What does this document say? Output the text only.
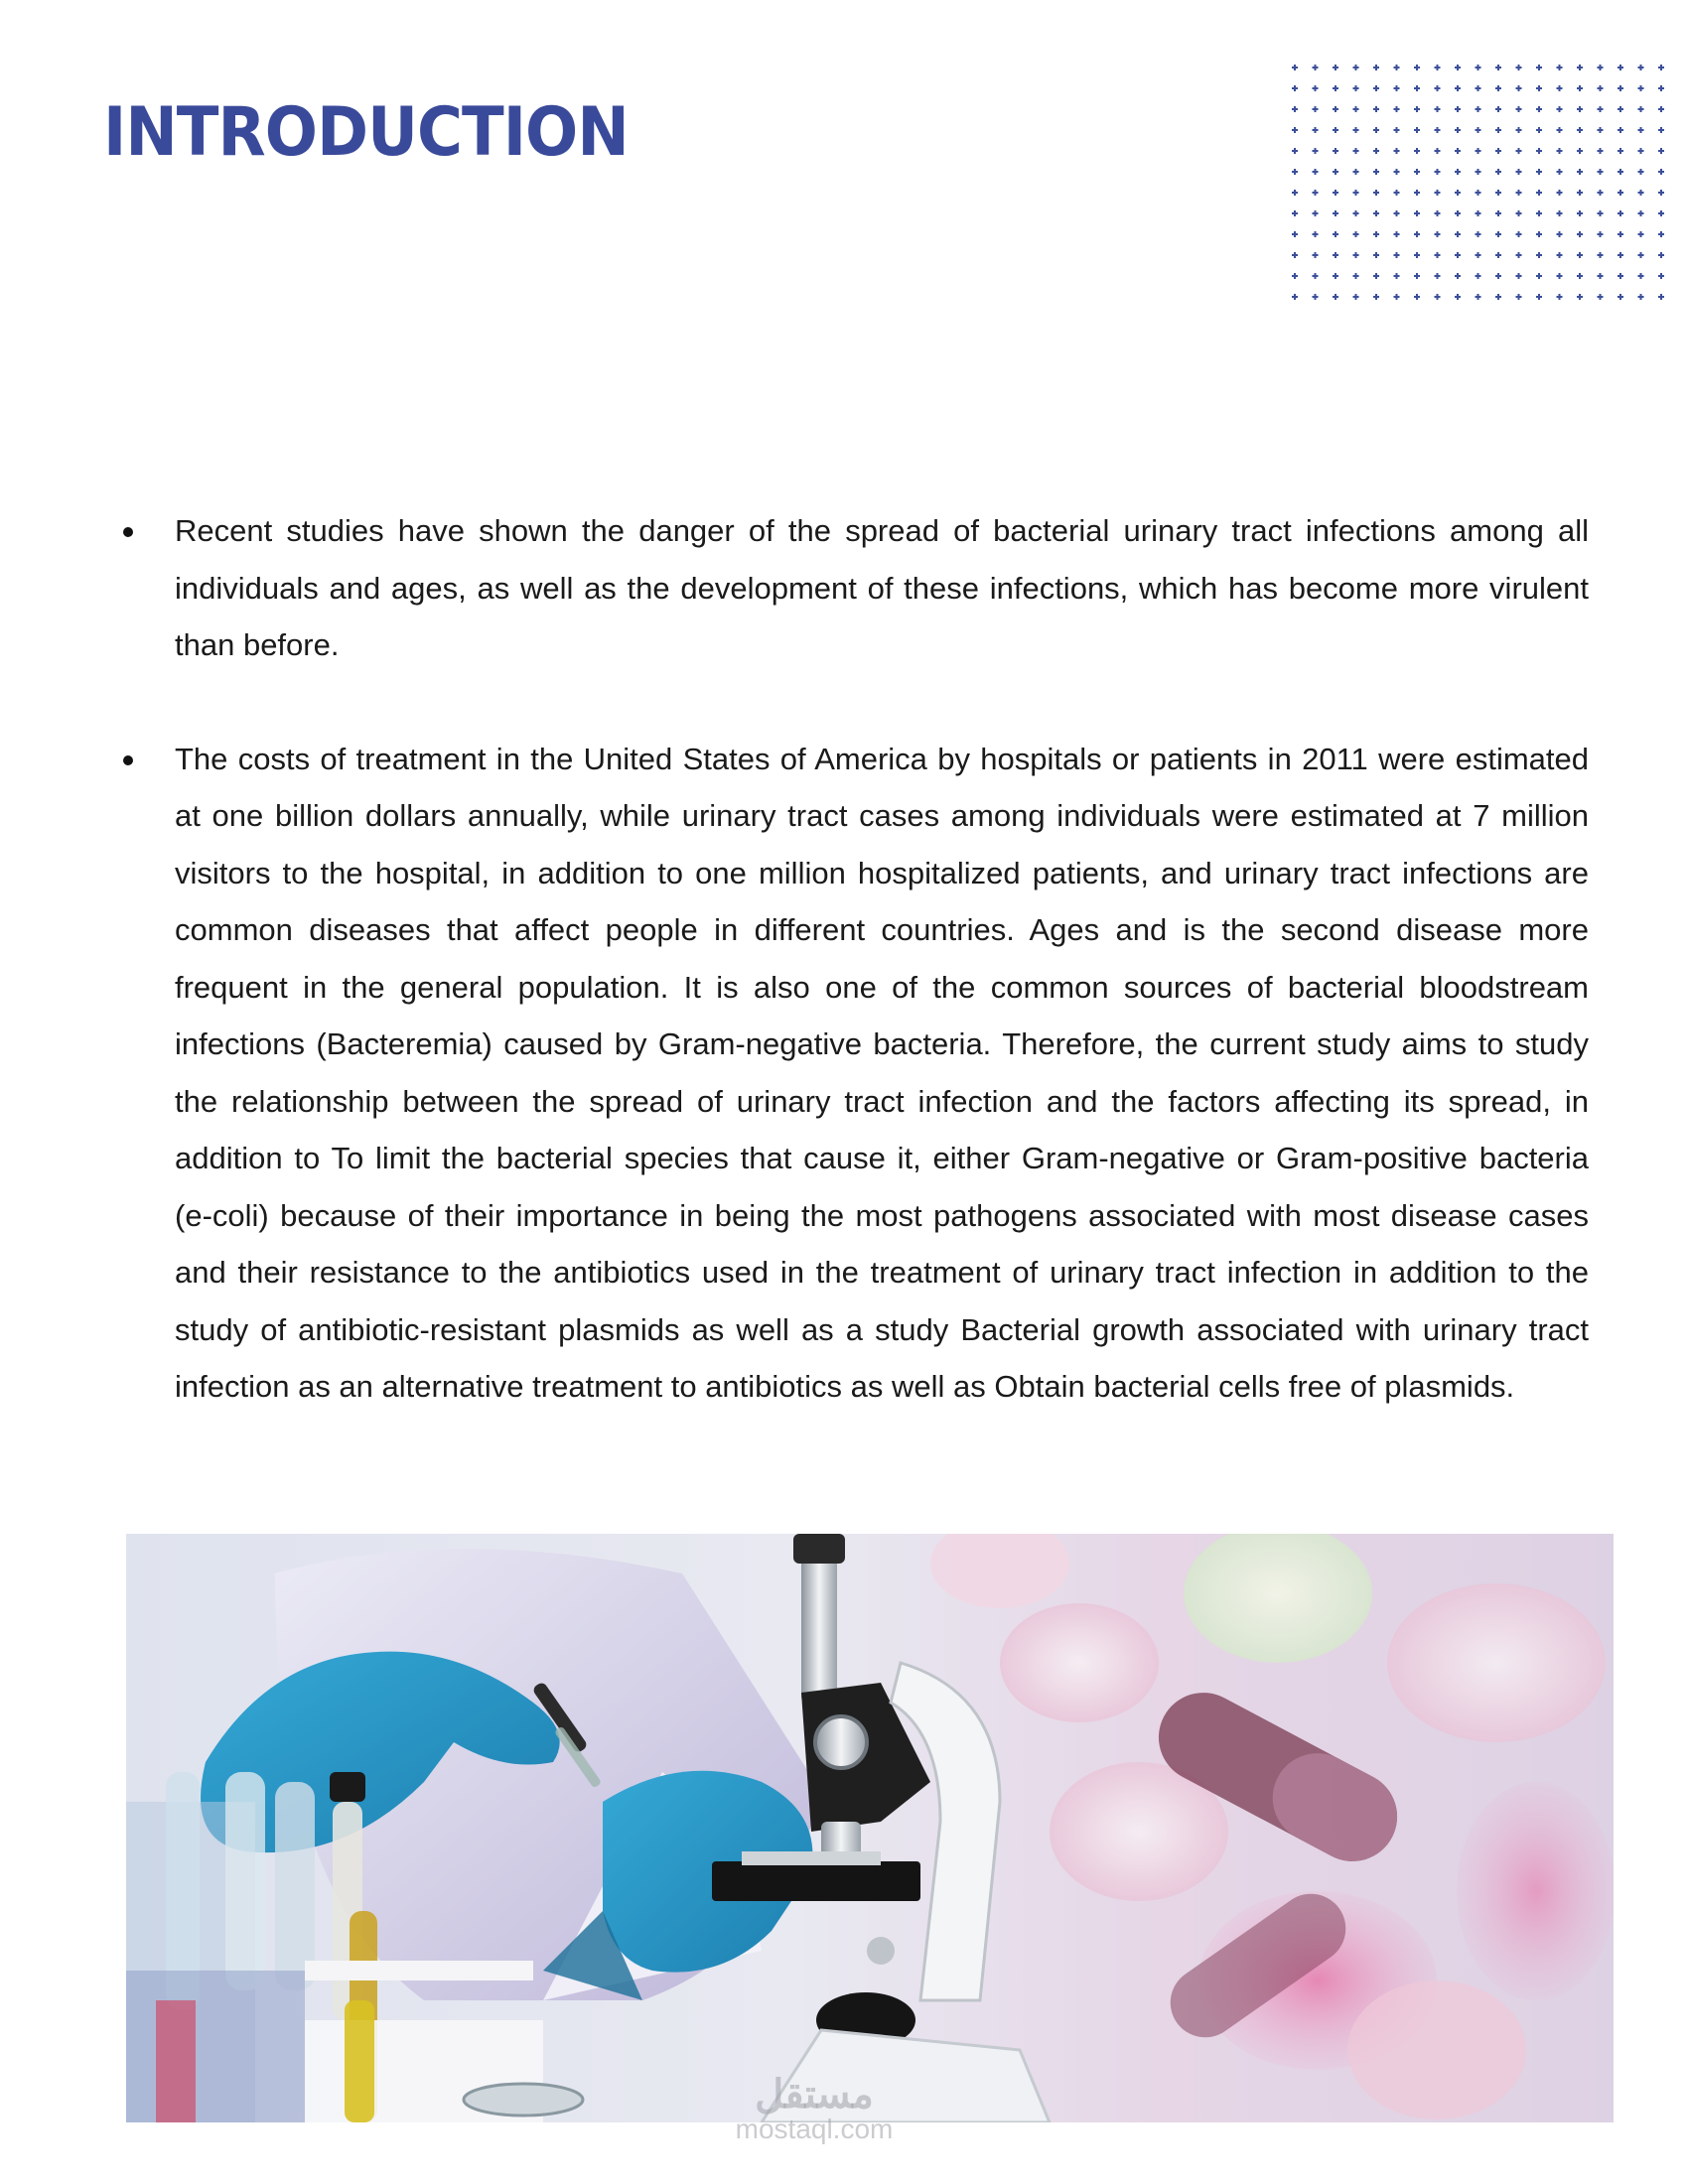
INTRODUCTION
Recent studies have shown the danger of the spread of bacterial urinary tract infections among all individuals and ages, as well as the development of these infections, which has become more virulent than before.
The costs of treatment in the United States of America by hospitals or patients in 2011 were estimated at one billion dollars annually, while urinary tract cases among individuals were estimated at 7 million visitors to the hospital, in addition to one million hospitalized patients, and urinary tract infections are common diseases that affect people in different countries. Ages and is the second disease more frequent in the general population. It is also one of the common sources of bacterial bloodstream infections (Bacteremia) caused by Gram-negative bacteria. Therefore, the current study aims to study the relationship between the spread of urinary tract infection and the factors affecting its spread, in addition to To limit the bacterial species that cause it, either Gram-negative or Gram-positive bacteria (e-coli) because of their importance in being the most pathogens associated with most disease cases and their resistance to the antibiotics used in the treatment of urinary tract infection in addition to the study of antibiotic-resistant plasmids as well as a study Bacterial growth associated with urinary tract infection as an alternative treatment to antibiotics as well as Obtain bacterial cells free of plasmids.
مستقل
mostaql.com
